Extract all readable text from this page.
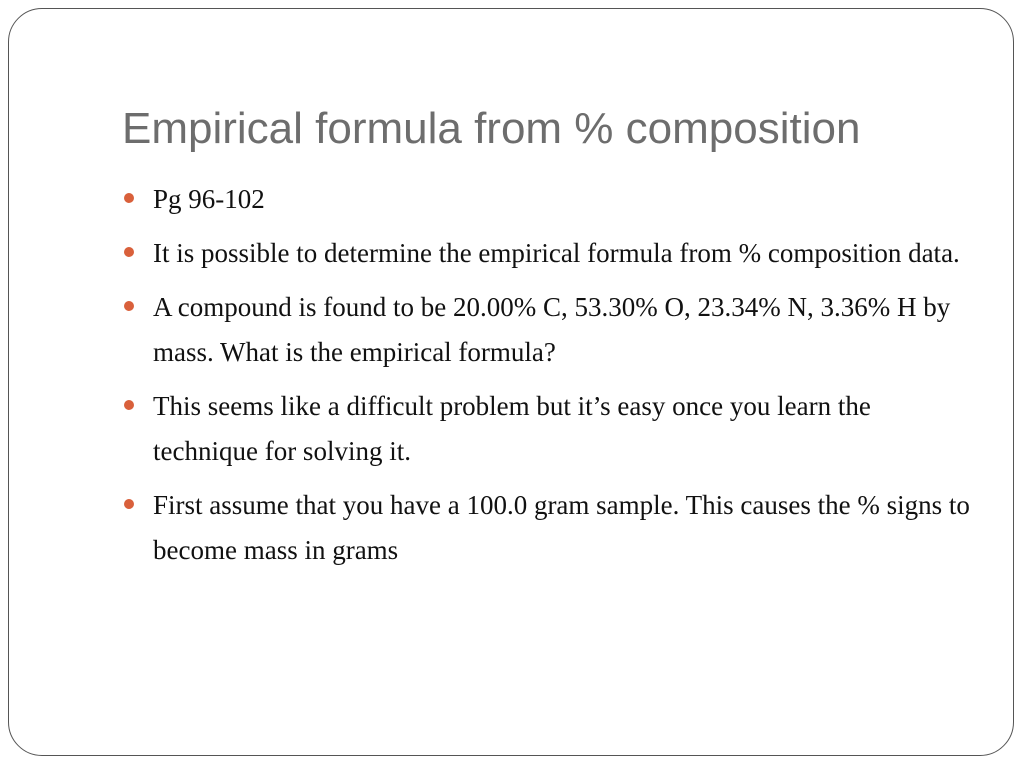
Empirical formula from % composition
Pg 96-102
It is possible to determine the empirical formula from % composition data.
A compound is found to be 20.00% C, 53.30% O, 23.34% N, 3.36% H by mass. What is the empirical formula?
This seems like a difficult problem but it’s easy once you learn the technique for solving it.
First assume that you have a 100.0 gram sample. This causes the % signs to become mass in grams
